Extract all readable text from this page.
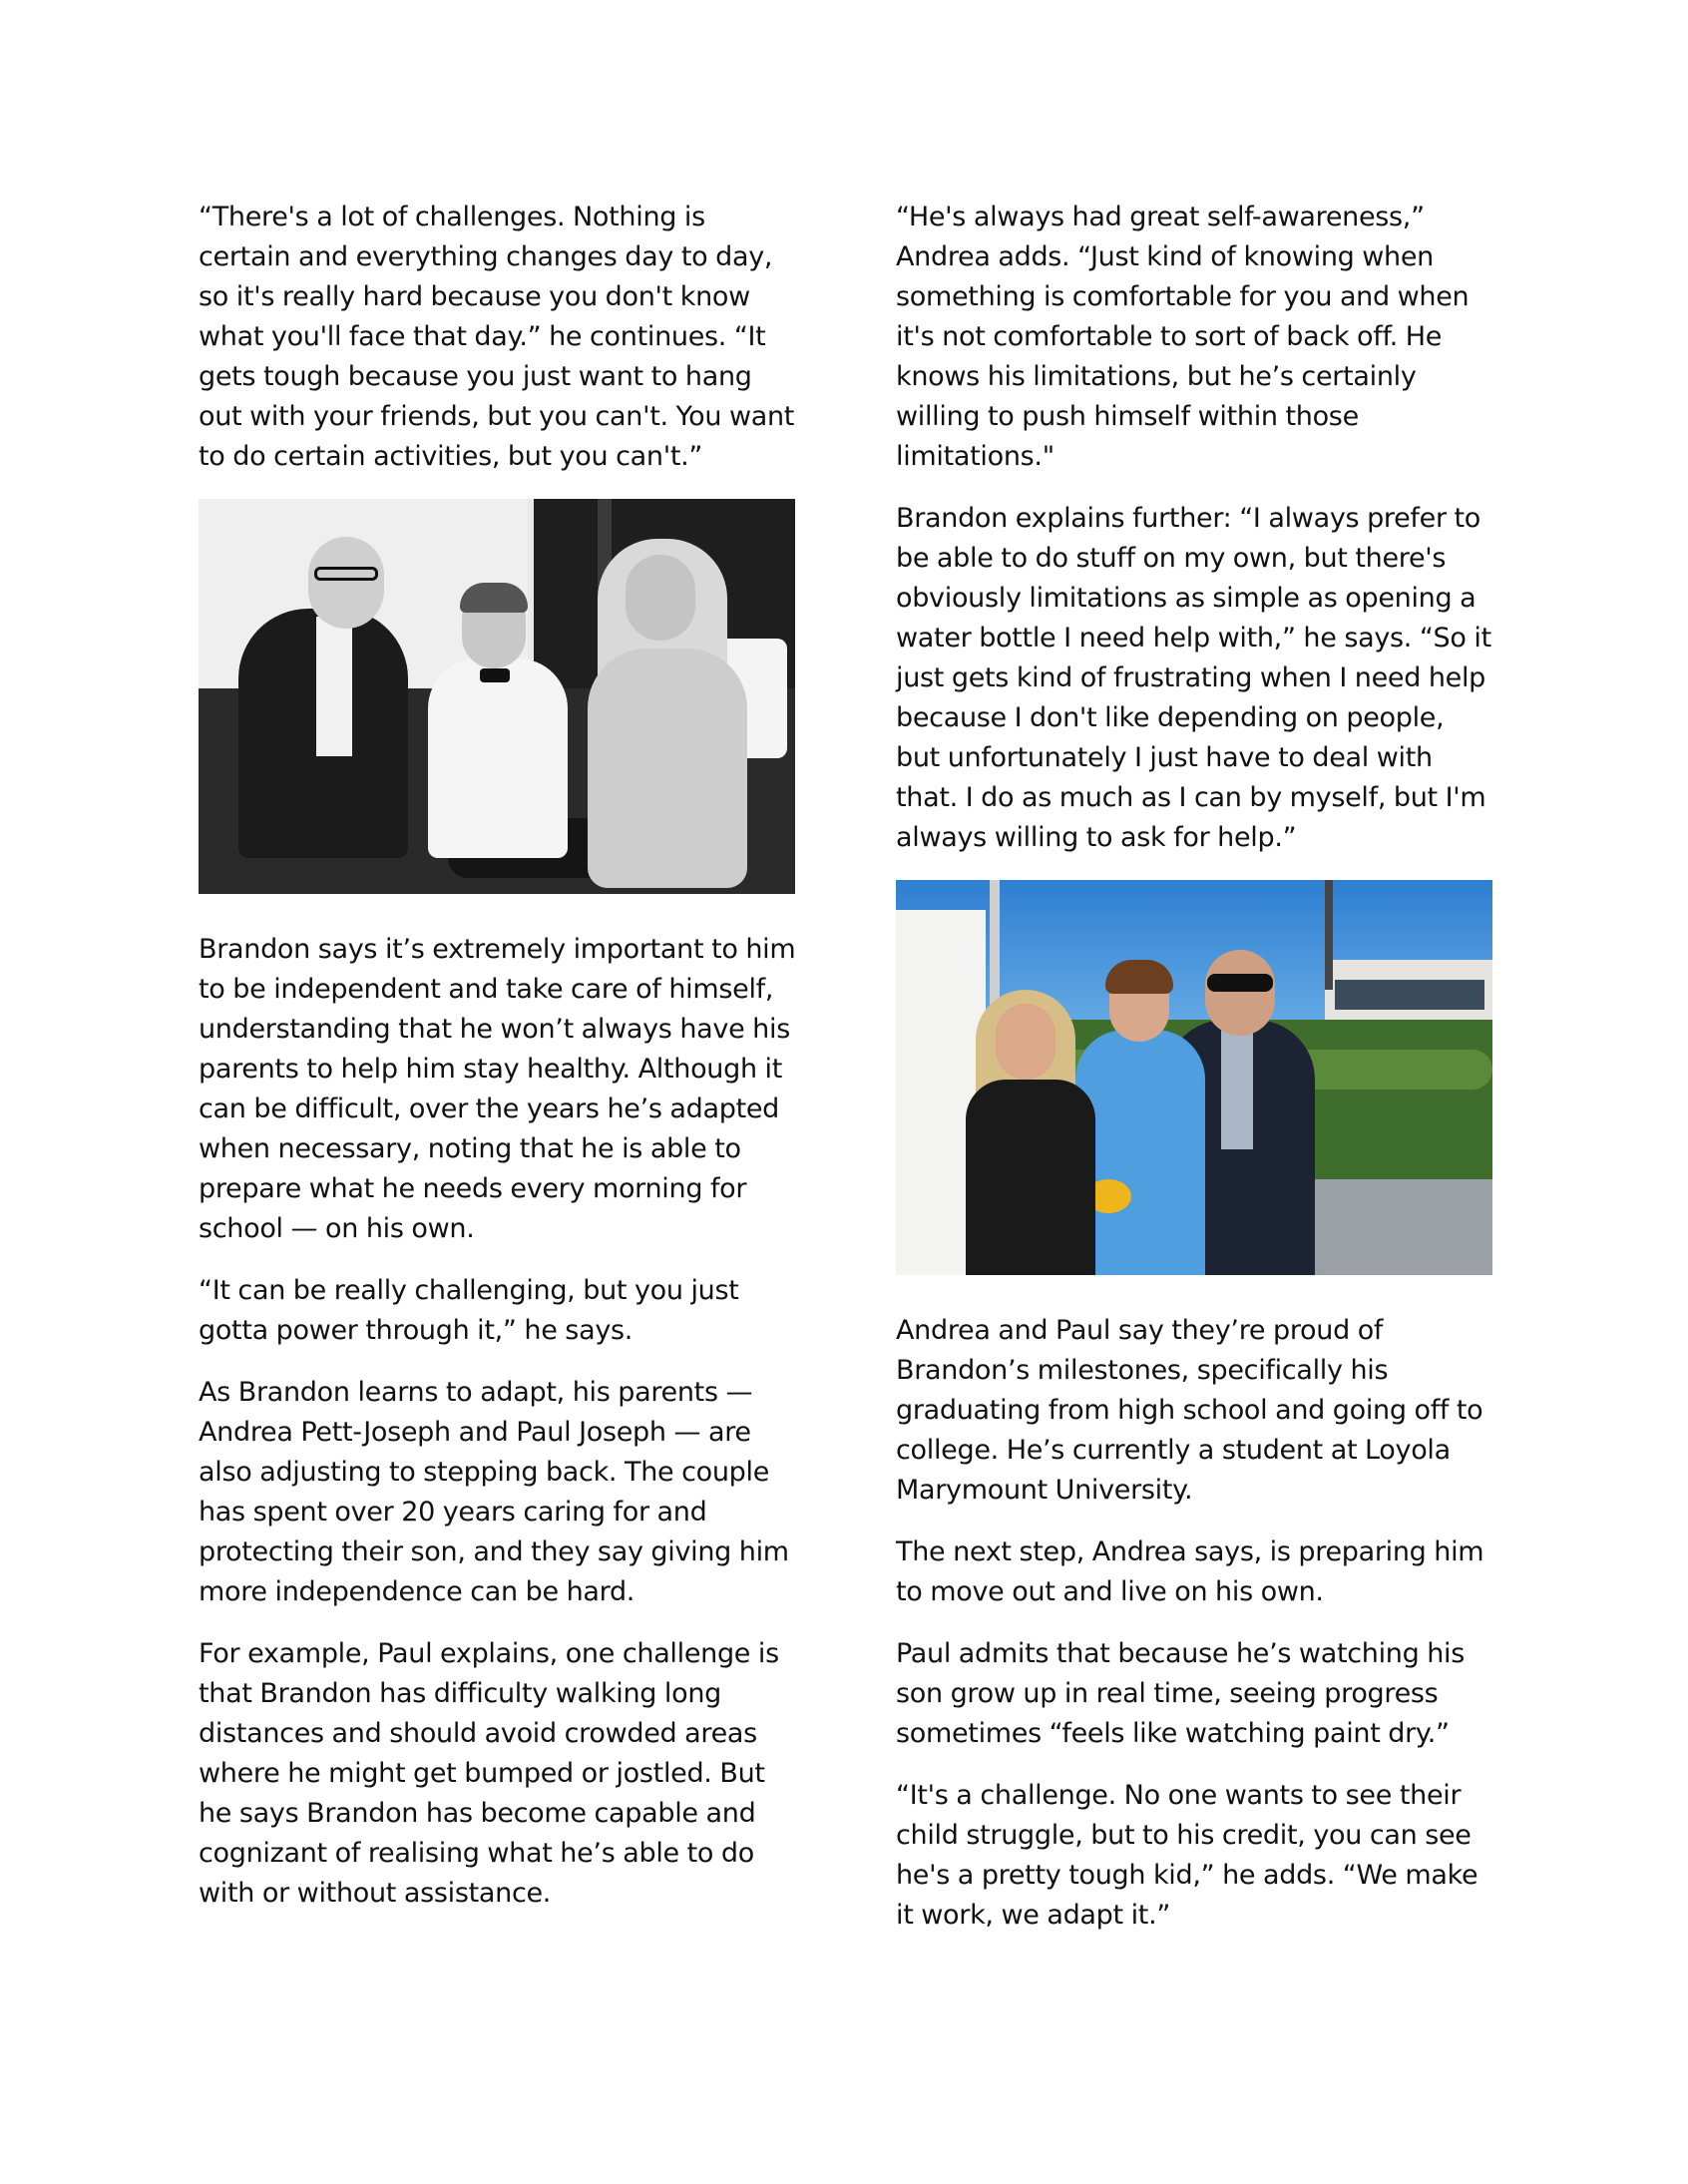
“There's a lot of challenges. Nothing is certain and everything changes day to day, so it's really hard because you don't know what you'll face that day.” he continues. “It gets tough because you just want to hang out with your friends, but you can't. You want to do certain activities, but you can't.”

Brandon says it’s extremely important to him to be independent and take care of himself, understanding that he won’t always have his parents to help him stay healthy. Although it can be difficult, over the years he’s adapted when necessary, noting that he is able to prepare what he needs every morning for school — on his own.

“It can be really challenging, but you just gotta power through it,” he says.

As Brandon learns to adapt, his parents — Andrea Pett-Joseph and Paul Joseph — are also adjusting to stepping back. The couple has spent over 20 years caring for and protecting their son, and they say giving him more independence can be hard.

For example, Paul explains, one challenge is that Brandon has difficulty walking long distances and should avoid crowded areas where he might get bumped or jostled. But he says Brandon has become capable and cognizant of realising what he’s able to do with or without assistance.

“He's always had great self-awareness,” Andrea adds. “Just kind of knowing when something is comfortable for you and when it's not comfortable to sort of back off. He knows his limitations, but he’s certainly willing to push himself within those limitations."

Brandon explains further: “I always prefer to be able to do stuff on my own, but there's obviously limitations as simple as opening a water bottle I need help with,” he says. “So it just gets kind of frustrating when I need help because I don't like depending on people, but unfortunately I just have to deal with that. I do as much as I can by myself, but I'm always willing to ask for help.”

Andrea and Paul say they’re proud of Brandon’s milestones, specifically his graduating from high school and going off to college. He’s currently a student at Loyola Marymount University.

The next step, Andrea says, is preparing him to move out and live on his own.

Paul admits that because he’s watching his son grow up in real time, seeing progress sometimes “feels like watching paint dry.”

“It's a challenge. No one wants to see their child struggle, but to his credit, you can see he's a pretty tough kid,” he adds. “We make it work, we adapt it.”
